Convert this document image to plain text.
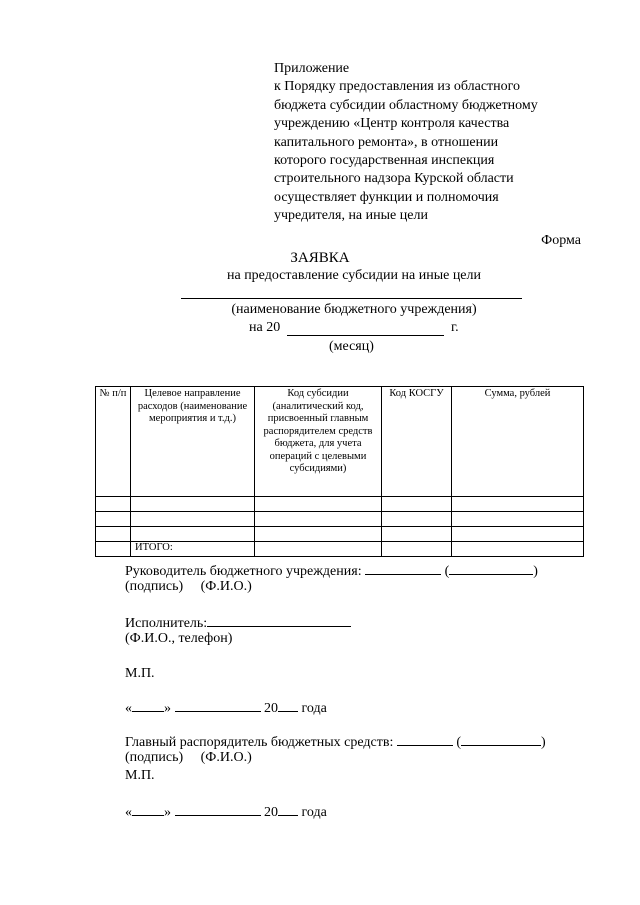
Приложение
к Порядку предоставления из областного
бюджета субсидии областному бюджетному
учреждению «Центр контроля качества
капитального ремонта», в отношении
которого государственная инспекция
строительного надзора Курской области
осуществляет функции и полномочия
учредителя, на иные цели
Форма
ЗАЯВКА
на предоставление субсидии на иные цели
(наименование бюджетного учреждения)
на 20	г.
(месяц)
№ п/п	Целевое направление расходов (наименование мероприятия и т.д.)	Код субсидии (аналитический код, присвоенный главным распорядителем средств бюджета, для учета операций с целевыми субсидиями)	Код КОСГУ	Сумма, рублей

	ИТОГО:			
Руководитель бюджетного учреждения:	(	)
(подпись)     (Ф.И.О.)
Исполнитель:
(Ф.И.О., телефон)
М.П.
« »	20 года
Главный распорядитель бюджетных средств:	(	)
(подпись)     (Ф.И.О.)
М.П.
« »	20 года
